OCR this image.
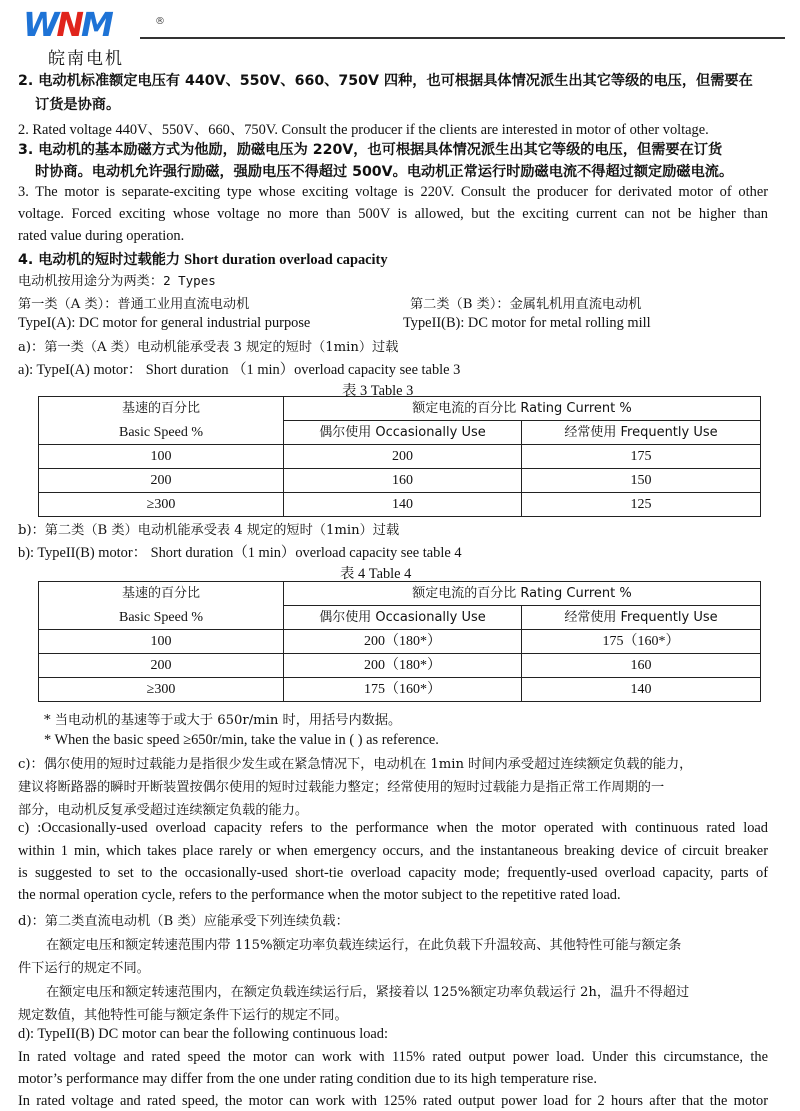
WNM	®
皖南电机
2. 电动机标准额定电压有 440V、550V、660、750V 四种，也可根据具体情况派生出其它等级的电压，但需要在
订货是协商。
2. Rated voltage 440V、550V、660、750V. Consult the producer if the clients are interested in motor of other voltage.
3. 电动机的基本励磁方式为他励，励磁电压为 220V，也可根据具体情况派生出其它等级的电压，但需要在订货
时协商。电动机允许强行励磁，强励电压不得超过 500V。电动机正常运行时励磁电流不得超过额定励磁电流。
3. The motor is separate-exciting type whose exciting voltage is 220V. Consult the producer for derivated motor of other
voltage. Forced exciting whose voltage no more than 500V is allowed, but the exciting current can not be higher than
rated value during operation.
4. 电动机的短时过载能力 Short duration overload capacity
电动机按用途分为两类：2 Types
第一类（A 类）：普通工业用直流电动机	第二类（B 类）：金属轧机用直流电动机
TypeI(A): DC motor for general industrial purpose	TypeII(B): DC motor for metal rolling mill
a)：第一类（A 类）电动机能承受表 3 规定的短时（1min）过载
a): TypeI(A) motor： Short duration （1 min）overload capacity see table 3
表 3 Table 3
基速的百分比	额定电流的百分比 Rating Current %	
Basic Speed %	偶尔使用 Occasionally Use	经常使用 Frequently Use
100	200	175
200	160	150
≥300	140	125
b)：第二类（B 类）电动机能承受表 4 规定的短时（1min）过载
b): TypeII(B) motor： Short duration（1 min）overload capacity see table 4
表 4 Table 4
基速的百分比	额定电流的百分比 Rating Current %	
Basic Speed %	偶尔使用 Occasionally Use	经常使用 Frequently Use
100	200（180*）	175（160*）
200	200（180*）	160
≥300	175（160*）	140
* 当电动机的基速等于或大于 650r/min 时，用括号内数据。
* When the basic speed ≥650r/min, take the value in ( ) as reference.
c)：偶尔使用的短时过载能力是指很少发生或在紧急情况下，电动机在 1min 时间内承受超过连续额定负载的能力，
建议将断路器的瞬时开断装置按偶尔使用的短时过载能力整定；经常使用的短时过载能力是指正常工作周期的一
部分，电动机反复承受超过连续额定负载的能力。
c) :Occasionally-used overload capacity refers to the performance when the motor operated with continuous rated load
within 1 min, which takes place rarely or when emergency occurs, and the instantaneous breaking device of circuit breaker
is suggested to set to the occasionally-used short-tie overload capacity mode; frequently-used overload capacity, parts of
the normal operation cycle, refers to the performance when the motor subject to the repetitive rated load.
d)：第二类直流电动机（B 类）应能承受下列连续负载：
在额定电压和额定转速范围内带 115%额定功率负载连续运行，在此负载下升温较高、其他特性可能与额定条
件下运行的规定不同。
在额定电压和额定转速范围内，在额定负载连续运行后，紧接着以 125%额定功率负载运行 2h，温升不得超过
规定数值，其他特性可能与额定条件下运行的规定不同。
d): TypeII(B) DC motor can bear the following continuous load:
In rated voltage and rated speed the motor can work with 115% rated output power load. Under this circumstance, the
motor’s performance may differ from the one under rating condition due to its high temperature rise.
In rated voltage and rated speed, the motor can work with 125% rated output power load for 2 hours after that the motor
